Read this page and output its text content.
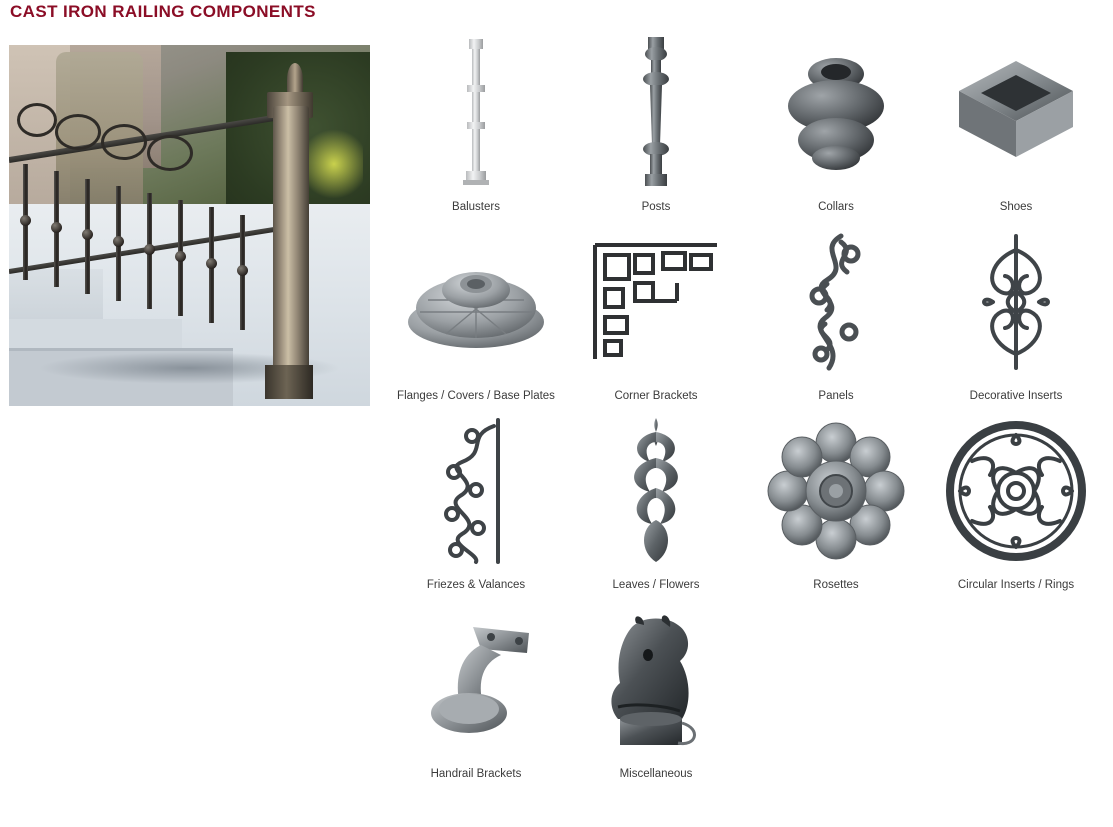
CAST IRON RAILING COMPONENTS
Balusters	Posts	Collars	Shoes
Flanges / Covers / Base Plates	Corner Brackets	Panels	Decorative Inserts
Friezes & Valances	Leaves / Flowers	Rosettes	Circular Inserts / Rings
Handrail Brackets	Miscellaneous
